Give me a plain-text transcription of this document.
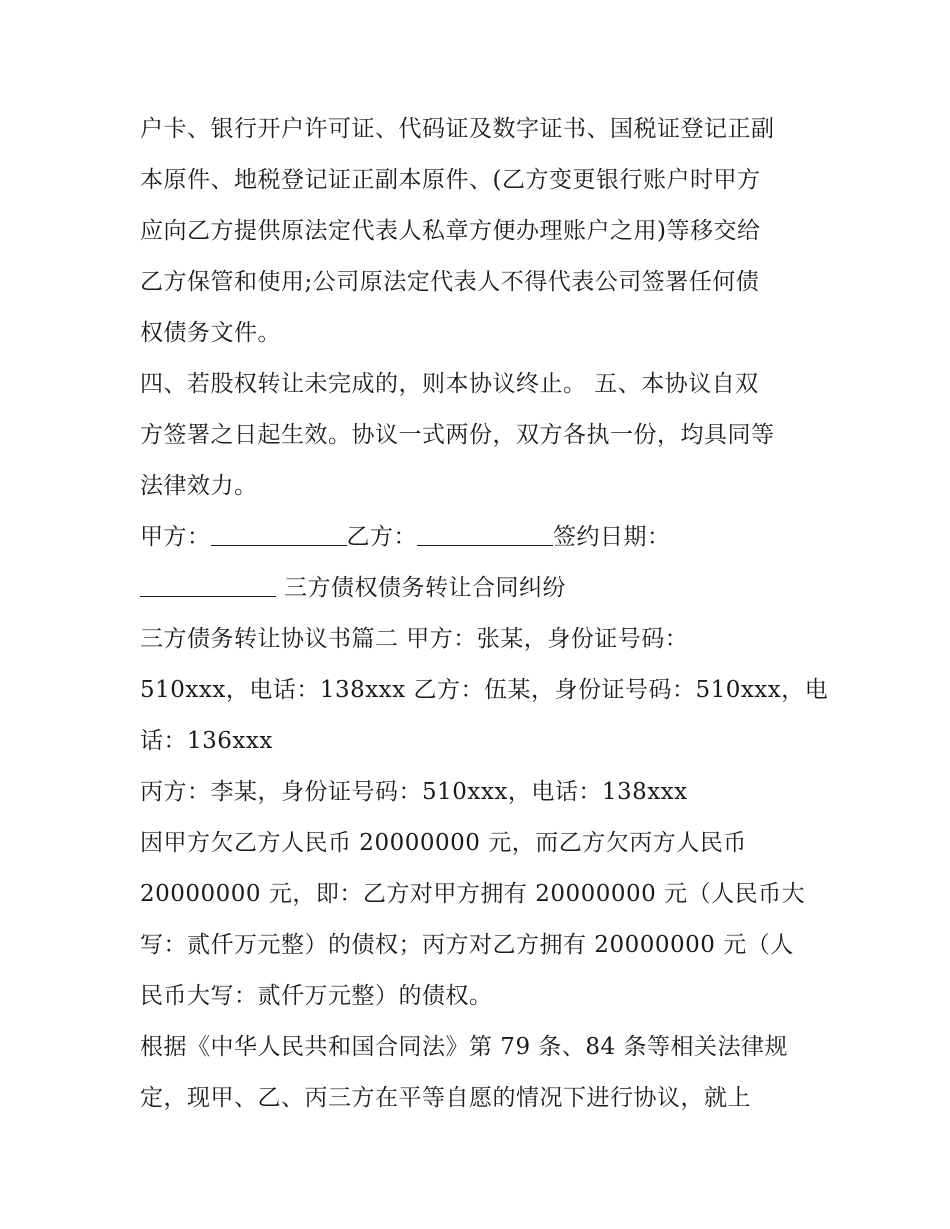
户卡、银行开户许可证、代码证及数字证书、国税证登记正副
本原件、地税登记证正副本原件、(乙方变更银行账户时甲方
应向乙方提供原法定代表人私章方便办理账户之用)等移交给
乙方保管和使用;公司原法定代表人不得代表公司签署任何债
权债务文件。
四、若股权转让未完成的，则本协议终止。 五、本协议自双
方签署之日起生效。协议一式两份，双方各执一份，均具同等
法律效力。
甲方：	乙方：	签约日期：
三方债权债务转让合同纠纷
三方债务转让协议书篇二 甲方：张某，身份证号码：
510xxx，电话：138xxx 乙方：伍某，身份证号码：510xxx，电
话：136xxx
丙方：李某，身份证号码：510xxx，电话：138xxx
因甲方欠乙方人民币 20000000 元，而乙方欠丙方人民币
20000000 元，即：乙方对甲方拥有 20000000 元（人民币大
写：贰仟万元整）的债权；丙方对乙方拥有 20000000 元（人
民币大写：贰仟万元整）的债权。
根据《中华人民共和国合同法》第 79 条、84 条等相关法律规
定，现甲、乙、丙三方在平等自愿的情况下进行协议，就上
